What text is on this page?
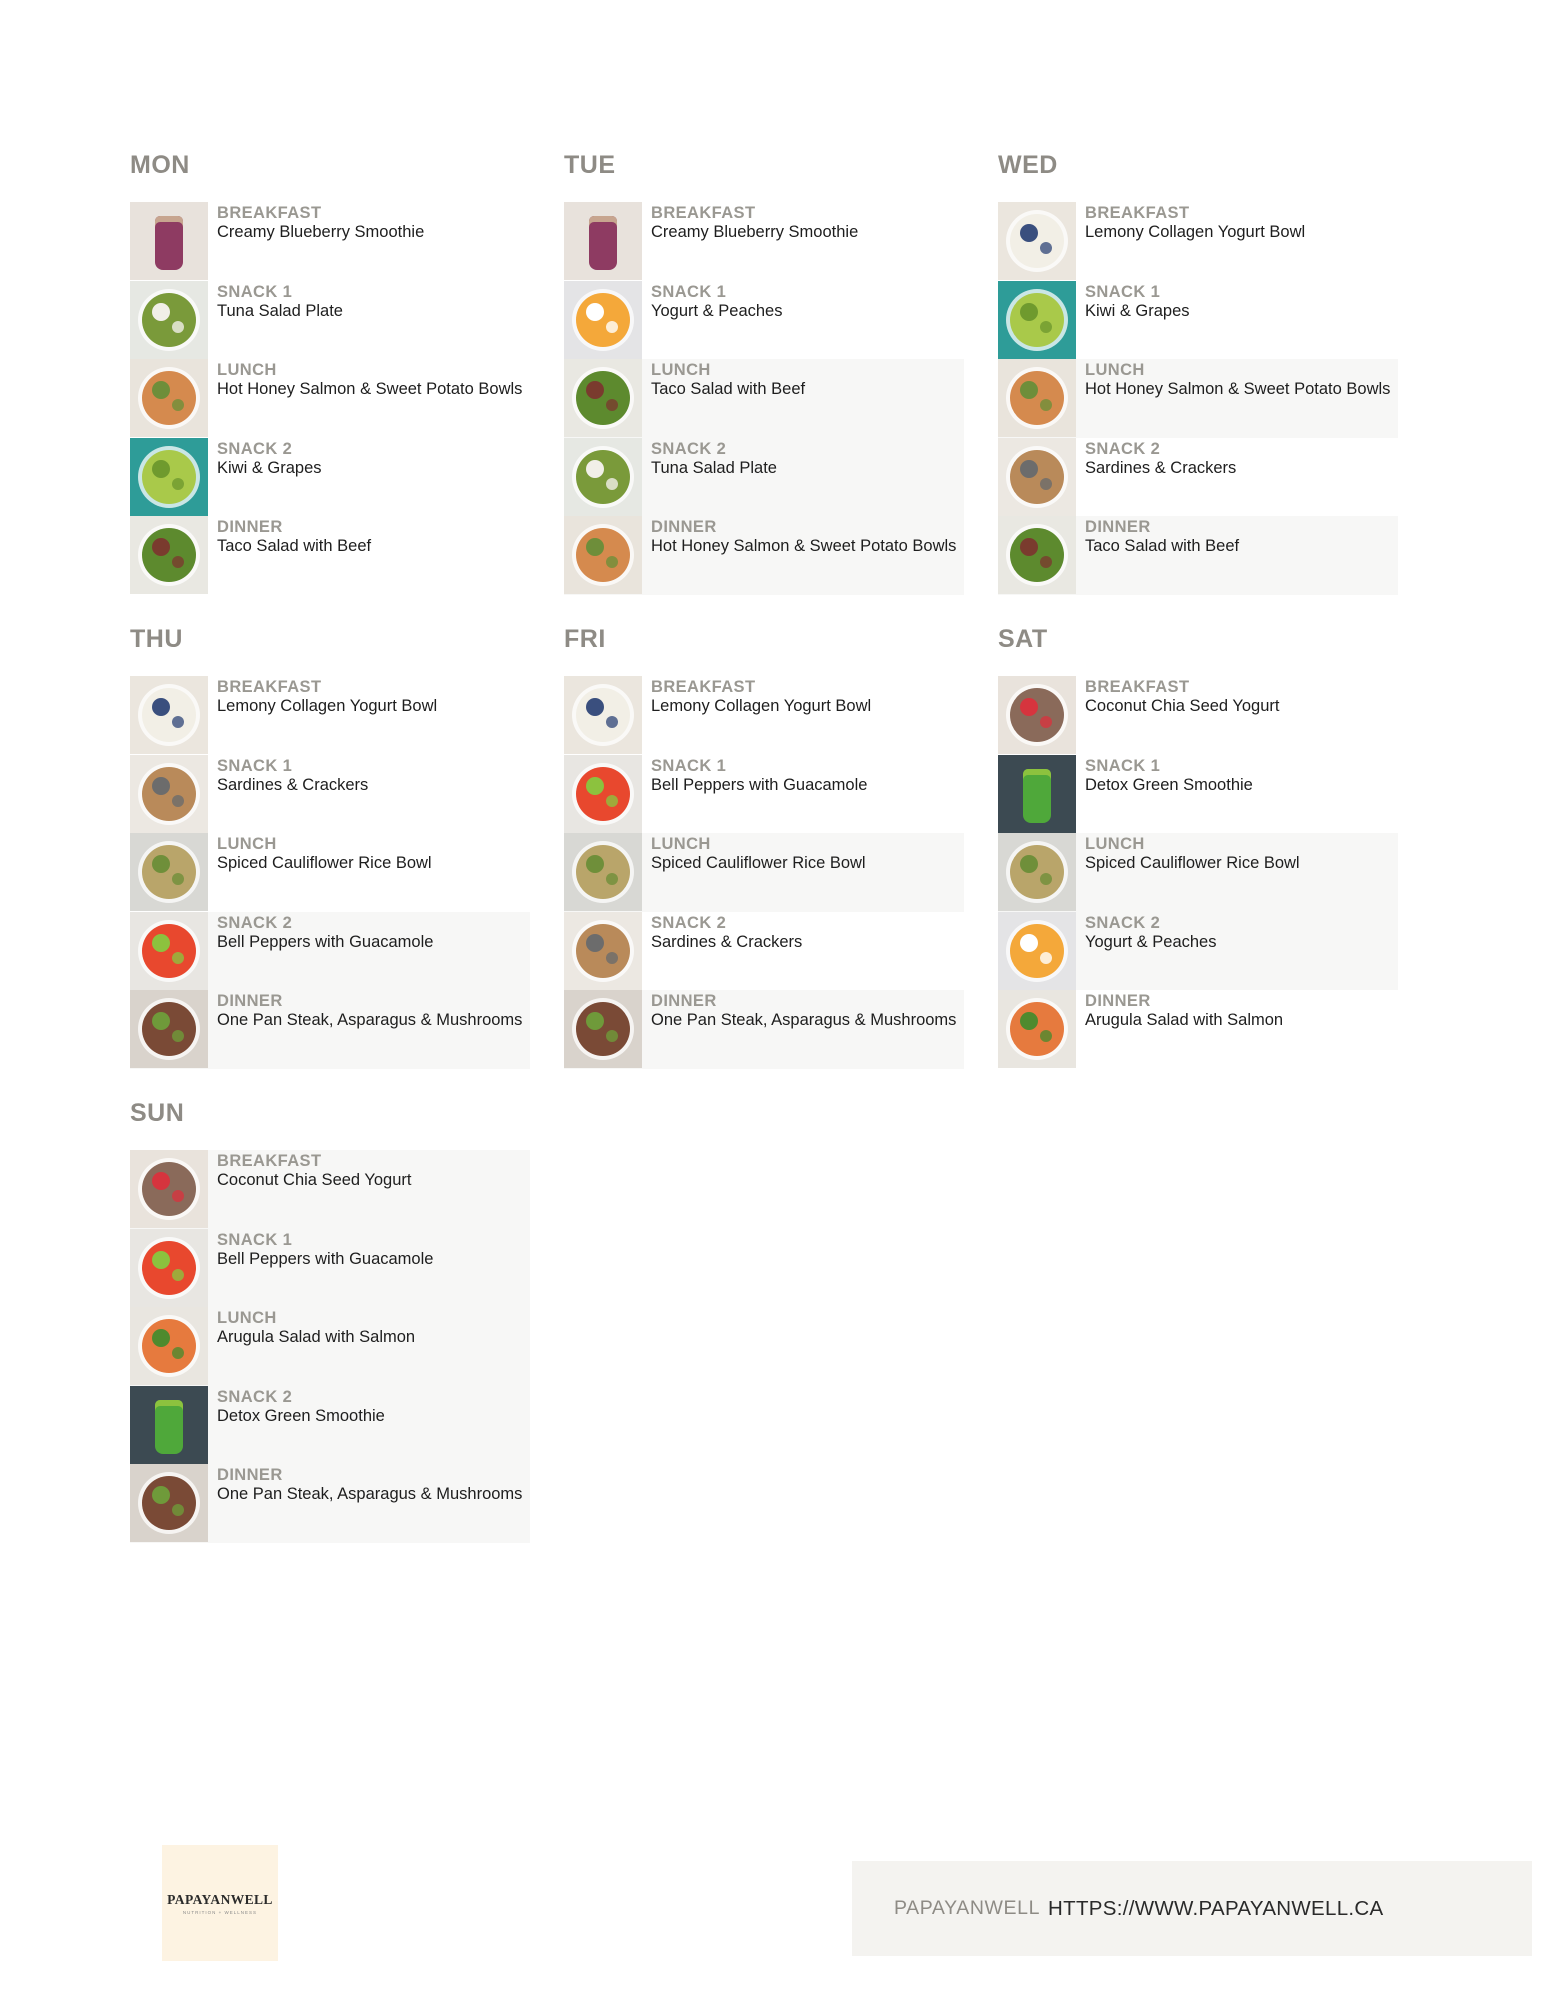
MON
BREAKFAST
Creamy Blueberry Smoothie
SNACK 1
Tuna Salad Plate
LUNCH
Hot Honey Salmon & Sweet Potato Bowls
SNACK 2
Kiwi & Grapes
DINNER
Taco Salad with Beef
TUE
BREAKFAST
Creamy Blueberry Smoothie
SNACK 1
Yogurt & Peaches
LUNCH
Taco Salad with Beef
SNACK 2
Tuna Salad Plate
DINNER
Hot Honey Salmon & Sweet Potato Bowls
WED
BREAKFAST
Lemony Collagen Yogurt Bowl
SNACK 1
Kiwi & Grapes
LUNCH
Hot Honey Salmon & Sweet Potato Bowls
SNACK 2
Sardines & Crackers
DINNER
Taco Salad with Beef
THU
BREAKFAST
Lemony Collagen Yogurt Bowl
SNACK 1
Sardines & Crackers
LUNCH
Spiced Cauliflower Rice Bowl
SNACK 2
Bell Peppers with Guacamole
DINNER
One Pan Steak, Asparagus & Mushrooms
FRI
BREAKFAST
Lemony Collagen Yogurt Bowl
SNACK 1
Bell Peppers with Guacamole
LUNCH
Spiced Cauliflower Rice Bowl
SNACK 2
Sardines & Crackers
DINNER
One Pan Steak, Asparagus & Mushrooms
SAT
BREAKFAST
Coconut Chia Seed Yogurt
SNACK 1
Detox Green Smoothie
LUNCH
Spiced Cauliflower Rice Bowl
SNACK 2
Yogurt & Peaches
DINNER
Arugula Salad with Salmon
SUN
BREAKFAST
Coconut Chia Seed Yogurt
SNACK 1
Bell Peppers with Guacamole
LUNCH
Arugula Salad with Salmon
SNACK 2
Detox Green Smoothie
DINNER
One Pan Steak, Asparagus & Mushrooms
PAPAYANWELL
NUTRITION + WELLNESS	PAPAYANWELL HTTPS://WWW.PAPAYANWELL.CA
